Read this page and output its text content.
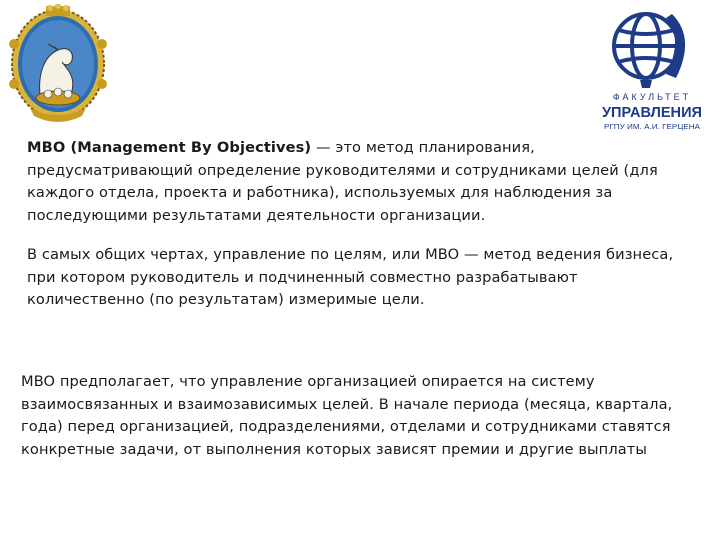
ФАКУЛЬТЕТ
УПРАВЛЕНИЯ
РГПУ ИМ. А.И. ГЕРЦЕНА

MBO (Management By Objectives) — это метод планирования, предусматривающий определение руководителями и сотрудниками целей (для каждого отдела, проекта и работника), используемых для наблюдения за последующими результатами деятельности организации.

В самых общих чертах, управление по целям, или MBO — метод ведения бизнеса, при котором руководитель и подчиненный совместно разрабатывают количественно (по результатам) измеримые цели.

MBO предполагает, что управление организацией опирается на систему взаимосвязанных и взаимозависимых целей. В начале периода (месяца, квартала, года) перед организацией, подразделениями, отделами и сотрудниками ставятся конкретные задачи, от выполнения которых зависят премии и другие выплаты
